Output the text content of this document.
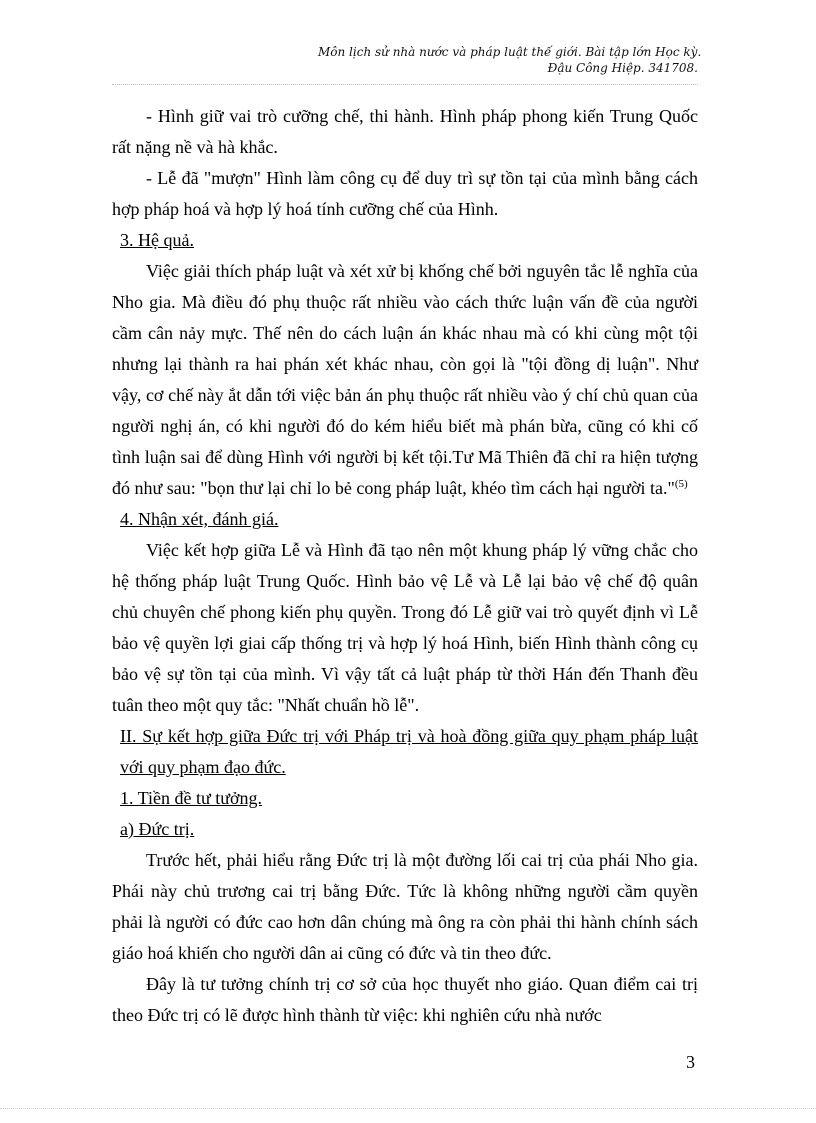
Môn lịch sử nhà nước và pháp luật thế giới. Bài tập lớn Học kỳ.
Đậu Công Hiệp. 341708.

- Hình giữ vai trò cưỡng chế, thi hành. Hình pháp phong kiến Trung Quốc rất nặng nề và hà khắc.

- Lễ đã "mượn" Hình làm công cụ để duy trì sự tồn tại của mình bằng cách hợp pháp hoá và hợp lý hoá tính cưỡng chế của Hình.

3. Hệ quả.

Việc giải thích pháp luật và xét xử bị khống chế bởi nguyên tắc lễ nghĩa của Nho gia. Mà điều đó phụ thuộc rất nhiều vào cách thức luận vấn đề của người cầm cân nảy mực. Thế nên do cách luận án khác nhau mà có khi cùng một tội nhưng lại thành ra hai phán xét khác nhau, còn gọi là "tội đồng dị luận". Như vậy, cơ chế này ắt dẫn tới việc bản án phụ thuộc rất nhiều vào ý chí chủ quan của người nghị án, có khi người đó do kém hiểu biết mà phán bừa, cũng có khi cố tình luận sai để dùng Hình với người bị kết tội.Tư Mã Thiên đã chỉ ra hiện tượng đó như sau: "bọn thư lại chỉ lo bẻ cong pháp luật, khéo tìm cách hại người ta."$^{(5)}$

4. Nhận xét, đánh giá.

Việc kết hợp giữa Lễ và Hình đã tạo nên một khung pháp lý vững chắc cho hệ thống pháp luật Trung Quốc. Hình bảo vệ Lễ và Lễ lại bảo vệ chế độ quân chủ chuyên chế phong kiến phụ quyền. Trong đó Lễ giữ vai trò quyết định vì Lễ bảo vệ quyền lợi giai cấp thống trị và hợp lý hoá Hình, biến Hình thành công cụ bảo vệ sự tồn tại của mình. Vì vậy tất cả luật pháp từ thời Hán đến Thanh đều tuân theo một quy tắc: "Nhất chuẩn hồ lễ".

II. Sự kết hợp giữa Đức trị với Pháp trị và hoà đồng giữa quy phạm pháp luật với quy phạm đạo đức.

1. Tiền đề tư tưởng.

a) Đức trị.

Trước hết, phải hiểu rằng Đức trị là một đường lối cai trị của phái Nho gia. Phái này chủ trương cai trị bằng Đức. Tức là không những người cầm quyền phải là người có đức cao hơn dân chúng mà ông ra còn phải thi hành chính sách giáo hoá khiến cho người dân ai cũng có đức và tin theo đức.

Đây là tư tưởng chính trị cơ sở của học thuyết nho giáo. Quan điểm cai trị theo Đức trị có lẽ được hình thành từ việc: khi nghiên cứu nhà nước

3
